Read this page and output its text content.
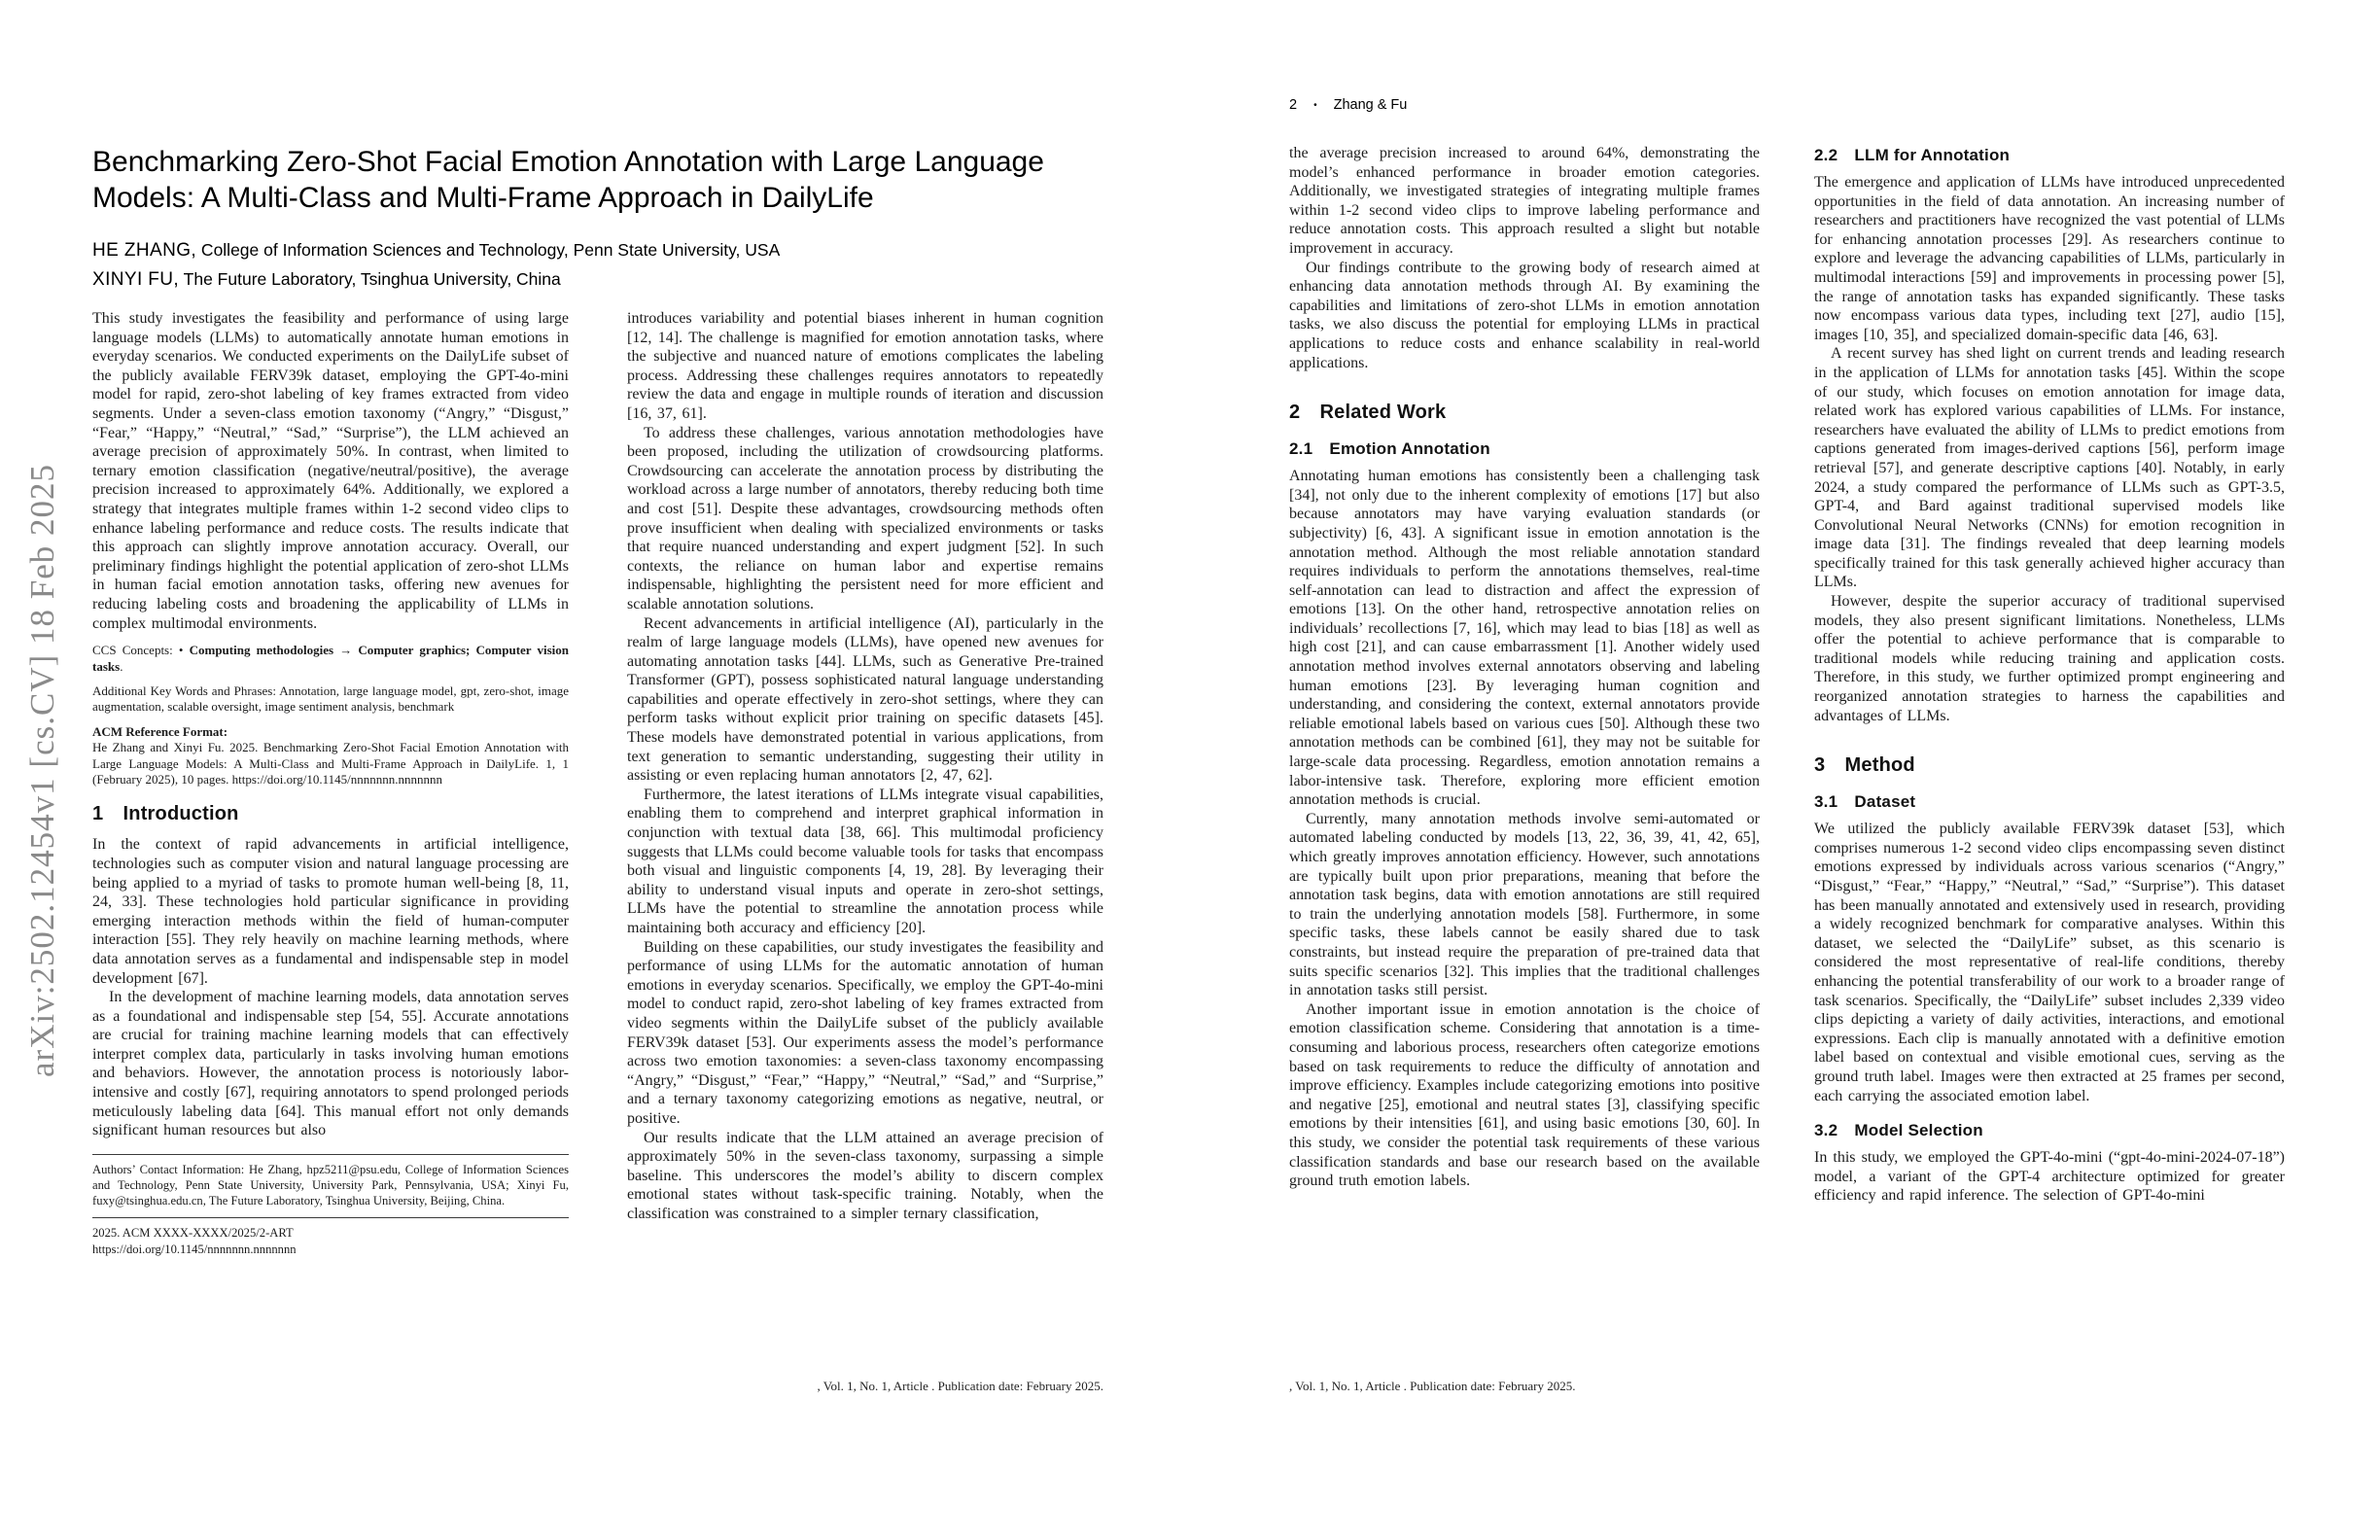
arXiv:2502.12454v1 [cs.CV] 18 Feb 2025
Benchmarking Zero-Shot Facial Emotion Annotation with Large Language Models: A Multi-Class and Multi-Frame Approach in DailyLife
HE ZHANG, College of Information Sciences and Technology, Penn State University, USA
XINYI FU, The Future Laboratory, Tsinghua University, China

This study investigates the feasibility and performance of using large language models (LLMs) to automatically annotate human emotions in everyday scenarios. We conducted experiments on the DailyLife subset of the publicly available FERV39k dataset, employing the GPT-4o-mini model for rapid, zero-shot labeling of key frames extracted from video segments. Under a seven-class emotion taxonomy (“Angry,” “Disgust,” “Fear,” “Happy,” “Neutral,” “Sad,” “Surprise”), the LLM achieved an average precision of approximately 50%. In contrast, when limited to ternary emotion classification (negative/neutral/positive), the average precision increased to approximately 64%. Additionally, we explored a strategy that integrates multiple frames within 1-2 second video clips to enhance labeling performance and reduce costs. The results indicate that this approach can slightly improve annotation accuracy. Overall, our preliminary findings highlight the potential application of zero-shot LLMs in human facial emotion annotation tasks, offering new avenues for reducing labeling costs and broadening the applicability of LLMs in complex multimodal environments.

CCS Concepts: • Computing methodologies → Computer graphics; Computer vision tasks.

Additional Key Words and Phrases: Annotation, large language model, gpt, zero-shot, image augmentation, scalable oversight, image sentiment analysis, benchmark

ACM Reference Format:

He Zhang and Xinyi Fu. 2025. Benchmarking Zero-Shot Facial Emotion Annotation with Large Language Models: A Multi-Class and Multi-Frame Approach in DailyLife. 1, 1 (February 2025), 10 pages. https://doi.org/10.1145/nnnnnnn.nnnnnnn

1 Introduction

In the context of rapid advancements in artificial intelligence, technologies such as computer vision and natural language processing are being applied to a myriad of tasks to promote human well-being [8, 11, 24, 33]. These technologies hold particular significance in providing emerging interaction methods within the field of human-computer interaction [55]. They rely heavily on machine learning methods, where data annotation serves as a fundamental and indispensable step in model development [67].

In the development of machine learning models, data annotation serves as a foundational and indispensable step [54, 55]. Accurate annotations are crucial for training machine learning models that can effectively interpret complex data, particularly in tasks involving human emotions and behaviors. However, the annotation process is notoriously labor-intensive and costly [67], requiring annotators to spend prolonged periods meticulously labeling data [64]. This manual effort not only demands significant human resources but also

Authors’ Contact Information: He Zhang, hpz5211@psu.edu, College of Information Sciences and Technology, Penn State University, University Park, Pennsylvania, USA; Xinyi Fu, fuxy@tsinghua.edu.cn, The Future Laboratory, Tsinghua University, Beijing, China.

2025. ACM XXXX-XXXX/2025/2-ART

https://doi.org/10.1145/nnnnnnn.nnnnnnn

introduces variability and potential biases inherent in human cognition [12, 14]. The challenge is magnified for emotion annotation tasks, where the subjective and nuanced nature of emotions complicates the labeling process. Addressing these challenges requires annotators to repeatedly review the data and engage in multiple rounds of iteration and discussion [16, 37, 61].

To address these challenges, various annotation methodologies have been proposed, including the utilization of crowdsourcing platforms. Crowdsourcing can accelerate the annotation process by distributing the workload across a large number of annotators, thereby reducing both time and cost [51]. Despite these advantages, crowdsourcing methods often prove insufficient when dealing with specialized environments or tasks that require nuanced understanding and expert judgment [52]. In such contexts, the reliance on human labor and expertise remains indispensable, highlighting the persistent need for more efficient and scalable annotation solutions.

Recent advancements in artificial intelligence (AI), particularly in the realm of large language models (LLMs), have opened new avenues for automating annotation tasks [44]. LLMs, such as Generative Pre-trained Transformer (GPT), possess sophisticated natural language understanding capabilities and operate effectively in zero-shot settings, where they can perform tasks without explicit prior training on specific datasets [45]. These models have demonstrated potential in various applications, from text generation to semantic understanding, suggesting their utility in assisting or even replacing human annotators [2, 47, 62].

Furthermore, the latest iterations of LLMs integrate visual capabilities, enabling them to comprehend and interpret graphical information in conjunction with textual data [38, 66]. This multimodal proficiency suggests that LLMs could become valuable tools for tasks that encompass both visual and linguistic components [4, 19, 28]. By leveraging their ability to understand visual inputs and operate in zero-shot settings, LLMs have the potential to streamline the annotation process while maintaining both accuracy and efficiency [20].

Building on these capabilities, our study investigates the feasibility and performance of using LLMs for the automatic annotation of human emotions in everyday scenarios. Specifically, we employ the GPT-4o-mini model to conduct rapid, zero-shot labeling of key frames extracted from video segments within the DailyLife subset of the publicly available FERV39k dataset [53]. Our experiments assess the model’s performance across two emotion taxonomies: a seven-class taxonomy encompassing “Angry,” “Disgust,” “Fear,” “Happy,” “Neutral,” “Sad,” and “Surprise,” and a ternary taxonomy categorizing emotions as negative, neutral, or positive.

Our results indicate that the LLM attained an average precision of approximately 50% in the seven-class taxonomy, surpassing a simple baseline. This underscores the model’s ability to discern complex emotional states without task-specific training. Notably, when the classification was constrained to a simpler ternary classification,

, Vol. 1, No. 1, Article . Publication date: February 2025.
2 • Zhang & Fu

the average precision increased to around 64%, demonstrating the model’s enhanced performance in broader emotion categories. Additionally, we investigated strategies of integrating multiple frames within 1-2 second video clips to improve labeling performance and reduce annotation costs. This approach resulted a slight but notable improvement in accuracy.

Our findings contribute to the growing body of research aimed at enhancing data annotation methods through AI. By examining the capabilities and limitations of zero-shot LLMs in emotion annotation tasks, we also discuss the potential for employing LLMs in practical applications to reduce costs and enhance scalability in real-world applications.

2 Related Work
2.1 Emotion Annotation

Annotating human emotions has consistently been a challenging task [34], not only due to the inherent complexity of emotions [17] but also because annotators may have varying evaluation standards (or subjectivity) [6, 43]. A significant issue in emotion annotation is the annotation method. Although the most reliable annotation standard requires individuals to perform the annotations themselves, real-time self-annotation can lead to distraction and affect the expression of emotions [13]. On the other hand, retrospective annotation relies on individuals’ recollections [7, 16], which may lead to bias [18] as well as high cost [21], and can cause embarrassment [1]. Another widely used annotation method involves external annotators observing and labeling human emotions [23]. By leveraging human cognition and understanding, and considering the context, external annotators provide reliable emotional labels based on various cues [50]. Although these two annotation methods can be combined [61], they may not be suitable for large-scale data processing. Regardless, emotion annotation remains a labor-intensive task. Therefore, exploring more efficient emotion annotation methods is crucial.

Currently, many annotation methods involve semi-automated or automated labeling conducted by models [13, 22, 36, 39, 41, 42, 65], which greatly improves annotation efficiency. However, such annotations are typically built upon prior preparations, meaning that before the annotation task begins, data with emotion annotations are still required to train the underlying annotation models [58]. Furthermore, in some specific tasks, these labels cannot be easily shared due to task constraints, but instead require the preparation of pre-trained data that suits specific scenarios [32]. This implies that the traditional challenges in annotation tasks still persist.

Another important issue in emotion annotation is the choice of emotion classification scheme. Considering that annotation is a time-consuming and laborious process, researchers often categorize emotions based on task requirements to reduce the difficulty of annotation and improve efficiency. Examples include categorizing emotions into positive and negative [25], emotional and neutral states [3], classifying specific emotions by their intensities [61], and using basic emotions [30, 60]. In this study, we consider the potential task requirements of these various classification standards and base our research based on the available ground truth emotion labels.

2.2 LLM for Annotation

The emergence and application of LLMs have introduced unprecedented opportunities in the field of data annotation. An increasing number of researchers and practitioners have recognized the vast potential of LLMs for enhancing annotation processes [29]. As researchers continue to explore and leverage the advancing capabilities of LLMs, particularly in multimodal interactions [59] and improvements in processing power [5], the range of annotation tasks has expanded significantly. These tasks now encompass various data types, including text [27], audio [15], images [10, 35], and specialized domain-specific data [46, 63].

A recent survey has shed light on current trends and leading research in the application of LLMs for annotation tasks [45]. Within the scope of our study, which focuses on emotion annotation for image data, related work has explored various capabilities of LLMs. For instance, researchers have evaluated the ability of LLMs to predict emotions from captions generated from images-derived captions [56], perform image retrieval [57], and generate descriptive captions [40]. Notably, in early 2024, a study compared the performance of LLMs such as GPT-3.5, GPT-4, and Bard against traditional supervised models like Convolutional Neural Networks (CNNs) for emotion recognition in image data [31]. The findings revealed that deep learning models specifically trained for this task generally achieved higher accuracy than LLMs.

However, despite the superior accuracy of traditional supervised models, they also present significant limitations. Nonetheless, LLMs offer the potential to achieve performance that is comparable to traditional models while reducing training and application costs. Therefore, in this study, we further optimized prompt engineering and reorganized annotation strategies to harness the capabilities and advantages of LLMs.

3 Method
3.1 Dataset

We utilized the publicly available FERV39k dataset [53], which comprises numerous 1-2 second video clips encompassing seven distinct emotions expressed by individuals across various scenarios (“Angry,” “Disgust,” “Fear,” “Happy,” “Neutral,” “Sad,” “Surprise”). This dataset has been manually annotated and extensively used in research, providing a widely recognized benchmark for comparative analyses. Within this dataset, we selected the “DailyLife” subset, as this scenario is considered the most representative of real-life conditions, thereby enhancing the potential transferability of our work to a broader range of task scenarios. Specifically, the “DailyLife” subset includes 2,339 video clips depicting a variety of daily activities, interactions, and emotional expressions. Each clip is manually annotated with a definitive emotion label based on contextual and visible emotional cues, serving as the ground truth label. Images were then extracted at 25 frames per second, each carrying the associated emotion label.

3.2 Model Selection

In this study, we employed the GPT-4o-mini (“gpt-4o-mini-2024-07-18”) model, a variant of the GPT-4 architecture optimized for greater efficiency and rapid inference. The selection of GPT-4o-mini

, Vol. 1, No. 1, Article . Publication date: February 2025.
